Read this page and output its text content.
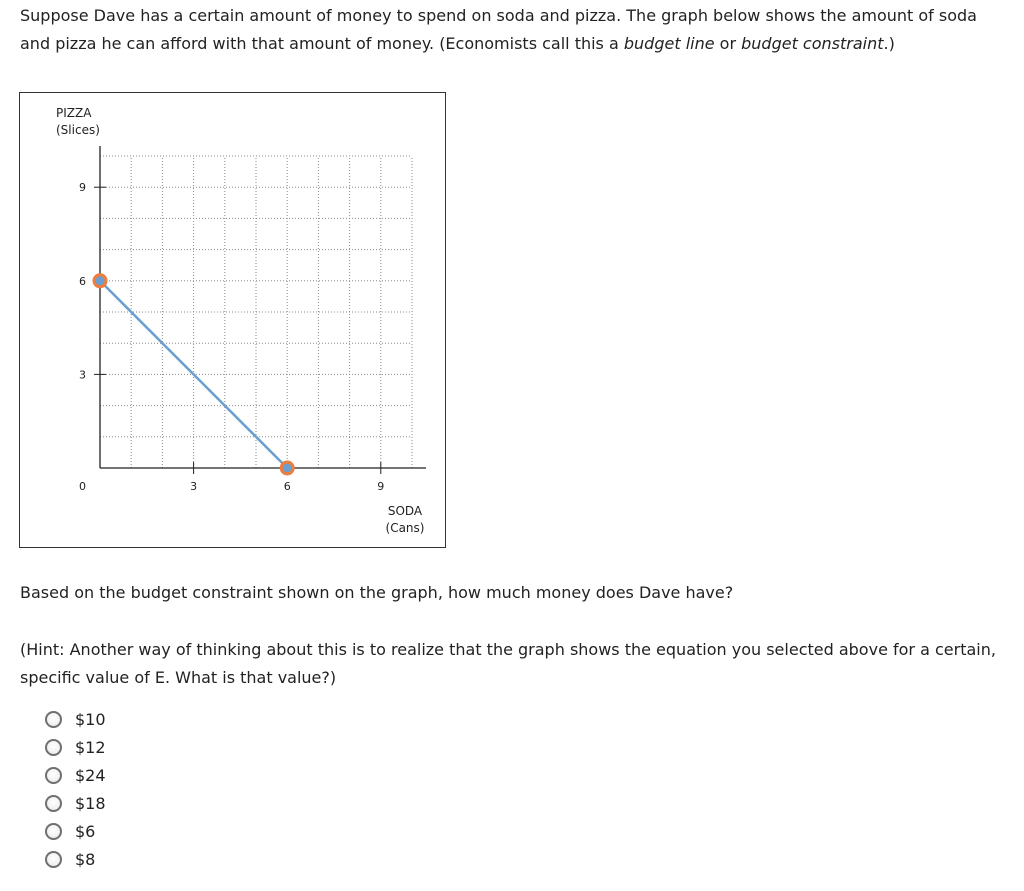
Suppose Dave has a certain amount of money to spend on soda and pizza. The graph below shows the amount of soda and pizza he can afford with that amount of money. (Economists call this a budget line or budget constraint.)

3	6	9
3
6
9
0
PIZZA
(Slices)
SODA
(Cans)

Based on the budget constraint shown on the graph, how much money does Dave have?

(Hint: Another way of thinking about this is to realize that the graph shows the equation you selected above for a certain, specific value of E. What is that value?)

$10
$12
$24
$18
$6
$8
